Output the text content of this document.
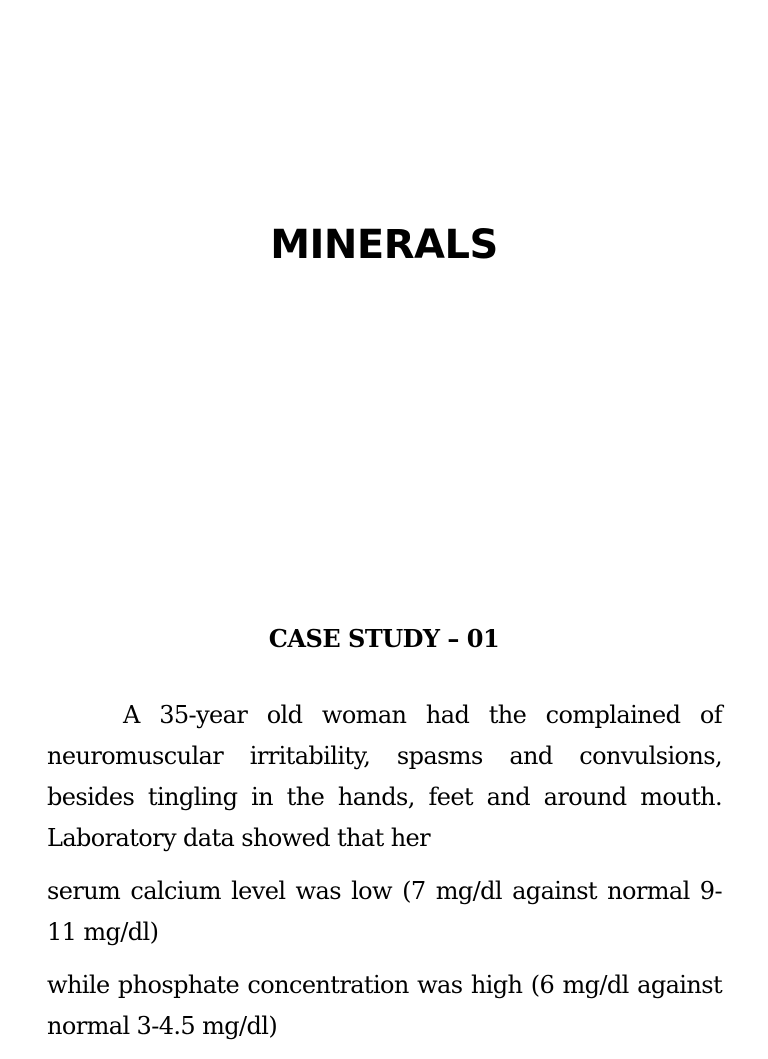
MINERALS
CASE STUDY – 01

A 35-year old woman had the complained of neuromuscular irritability, spasms and convulsions, besides tingling in the hands, feet and around mouth. Laboratory data showed that her

serum calcium level was low (7 mg/dl against normal 9-11 mg/dl)

while phosphate concentration was high (6 mg/dl against normal 3-4.5 mg/dl)
